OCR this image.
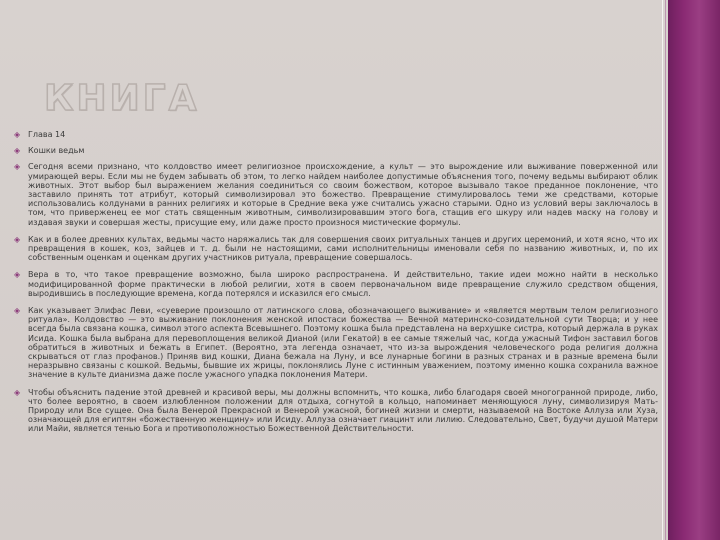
КНИГА
◈ Глава 14
◈ Кошки ведьм
◈ Сегодня всеми признано, что колдовство имеет религиозное происхождение, а культ — это вырождение или выживание поверженной или умирающей веры. Если мы не будем забывать об этом, то легко найдем наиболее допустимые объяснения того, почему ведьмы выбирают облик животных. Этот выбор был выражением желания соединиться со своим божеством, которое вызывало такое преданное поклонение, что заставило принять тот атрибут, который символизировал это божество. Превращение стимулировалось теми же средствами, которые использовались колдунами в ранних религиях и которые в Средние века уже считались ужасно старыми. Одно из условий веры заключалось в том, что приверженец ее мог стать священным животным, символизировавшим этого бога, стащив его шкуру или надев маску на голову и издавая звуки и совершая жесты, присущие ему, или даже просто произнося мистические формулы.
◈ Как и в более древних культах, ведьмы часто наряжались так для совершения своих ритуальных танцев и других церемоний, и хотя ясно, что их превращения в кошек, коз, зайцев и т. д. были не настоящими, сами исполнительницы именовали себя по названию животных, и, по их собственным оценкам и оценкам других участников ритуала, превращение совершалось.
◈ Вера в то, что такое превращение возможно, была широко распространена. И действительно, такие идеи можно найти в несколько модифицированной форме практически в любой религии, хотя в своем первоначальном виде превращение служило средством общения, выродившись в последующие времена, когда потерялся и исказился его смысл.
◈ Как указывает Элифас Леви, «суеверие произошло от латинского слова, обозначающего выживание» и «является мертвым телом религиозного ритуала». Колдовство — это выживание поклонения женской ипостаси божества — Вечной материнско-созидательной сути Творца; и у нее всегда была связана кошка, символ этого аспекта Всевышнего. Поэтому кошка была представлена на верхушке систра, который держала в руках Исида. Кошка была выбрана для перевоплощения великой Дианой (или Гекатой) в ее самые тяжелый час, когда ужасный Тифон заставил богов обратиться в животных и бежать в Египет. (Вероятно, эта легенда означает, что из-за вырождения человеческого рода религия должна скрываться от глаз профанов.) Приняв вид кошки, Диана бежала на Луну, и все лунарные богини в разных странах и в разные времена были неразрывно связаны с кошкой. Ведьмы, бывшие их жрицы, поклонялись Луне с истинным уважением, поэтому именно кошка сохранила важное значение в культе дианизма даже после ужасного упадка поклонения Матери.
◈ Чтобы объяснить падение этой древней и красивой веры, мы должны вспомнить, что кошка, либо благодаря своей многогранной природе, либо, что более вероятно, в своем излюбленном положении для отдыха, согнутой в кольцо, напоминает меняющуюся луну, символизируя Мать-Природу или Все сущее. Она была Венерой Прекрасной и Венерой ужасной, богиней жизни и смерти, называемой на Востоке Аллуза или Хуза, означающей для египтян «божественную женщину» или Исиду. Аллуза означает гиацинт или лилию. Следовательно, Свет, будучи душой Матери или Майи, является тенью Бога и противоположностью Божественной Действительности.
